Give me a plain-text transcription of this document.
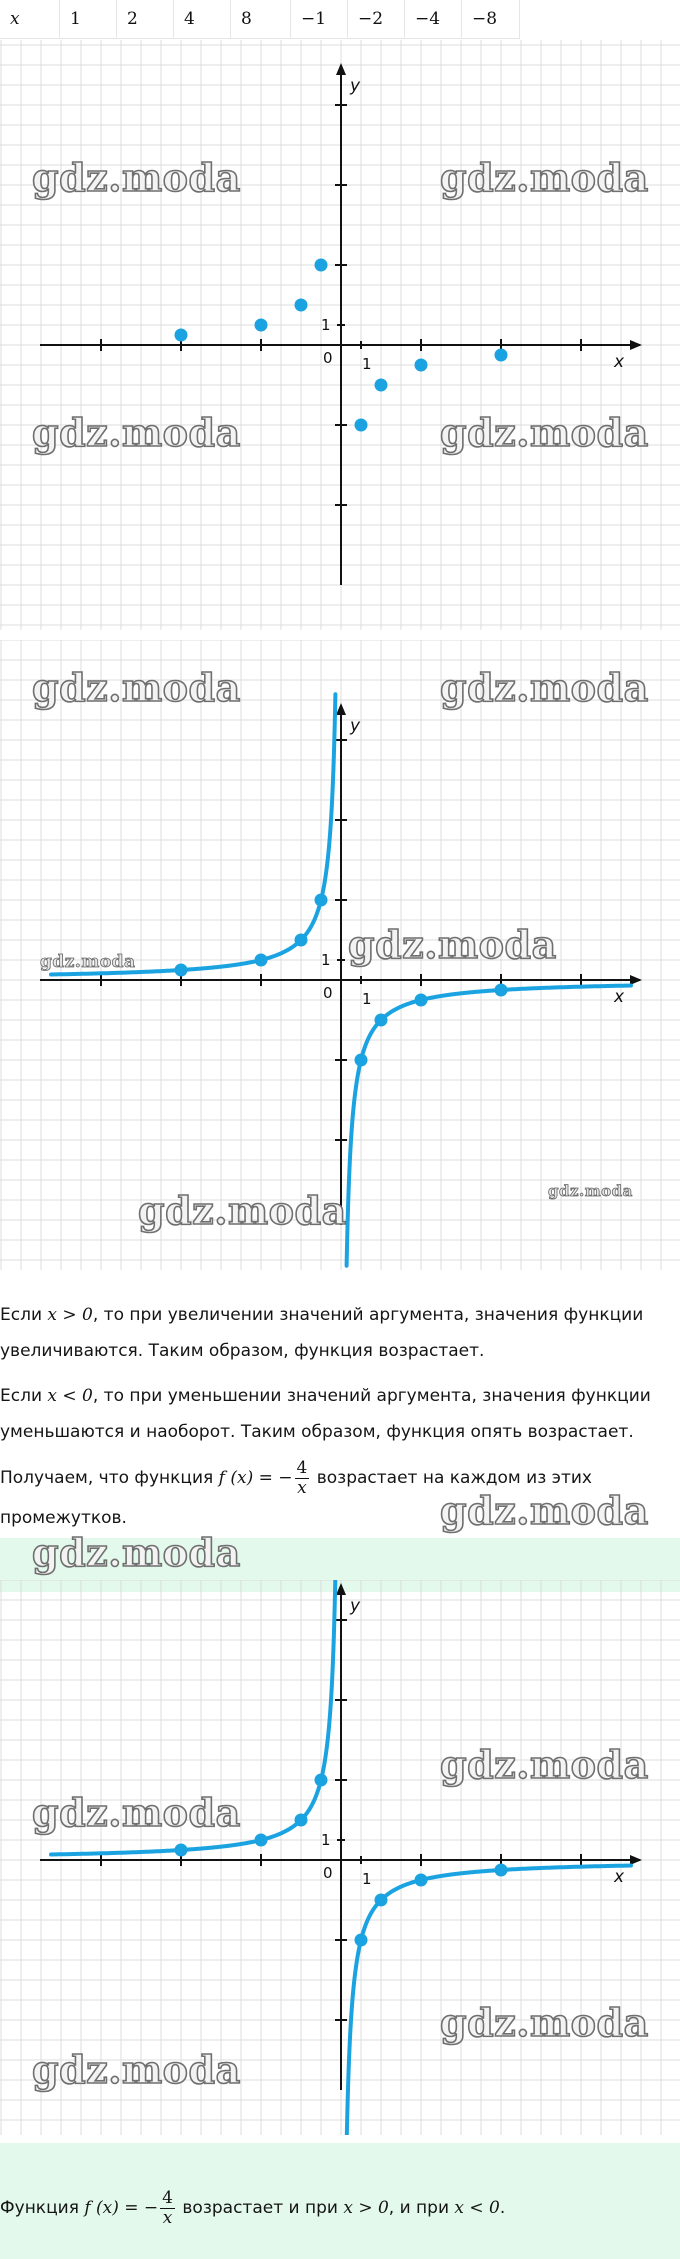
x	1	2	4	8	−1	−2	−4	−8
x
y
0 1
1
x
y
0 1
1
Если x > 0, то при увеличении значений аргумента, значения функции увеличиваются. Таким образом, функция возрастает.
Если x < 0, то при уменьшении значений аргумента, значения функции уменьшаются и наоборот. Таким образом, функция опять возрастает.
Получаем, что функция f (x) = − $\frac{4}{x}$ возрастает на каждом из этих промежутков.
x
y
0 1
1
Функция f (x) = − $\frac{4}{x}$ возрастает и при x > 0, и при x < 0.
gdz.moda	gdz.moda
gdz.moda	gdz.moda
gdz.moda	gdz.moda
gdz.moda	gdz.moda
gdz.moda	gdz.moda
gdz.moda
gdz.moda
gdz.moda
gdz.moda
gdz.moda
gdz.moda
